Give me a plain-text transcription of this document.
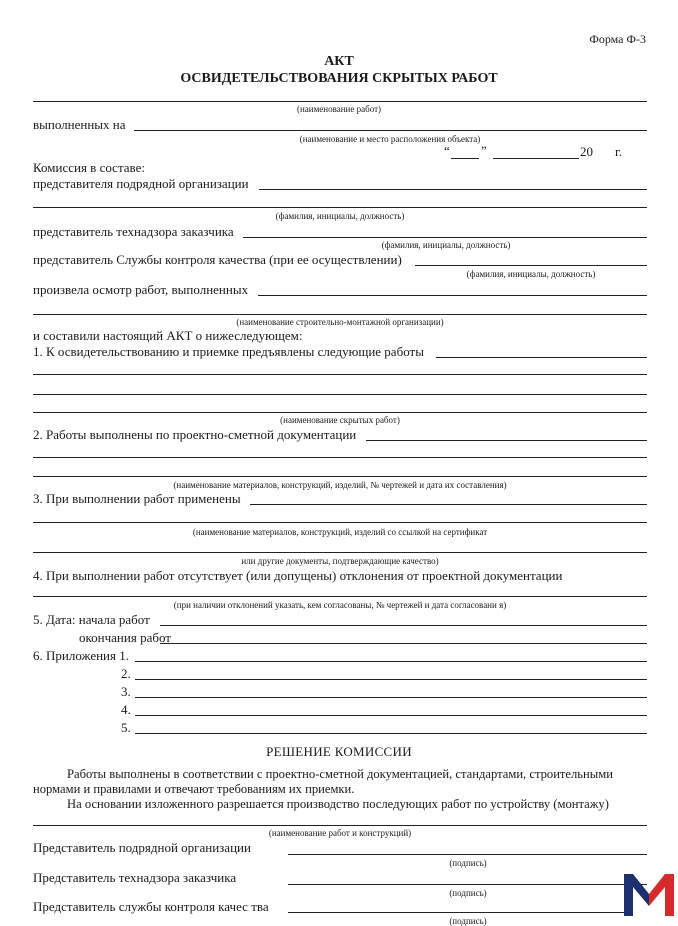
Форма Ф-3
АКТ
ОСВИДЕТЕЛЬСТВОВАНИЯ СКРЫТЫХ РАБОТ
(наименование работ)
выполненных на
(наименование и место расположения объекта)
“ ”	20 г.
Комиссия в составе:
представителя подрядной организации
(фамилия, инициалы, должность)
представитель технадзора заказчика
(фамилия, инициалы, должность)
представитель Службы контроля качества (при ее осуществлении)
(фамилия, инициалы, должность)
произвела осмотр работ, выполненных
(наименование строительно-монтажной организации)
и составили настоящий АКТ о нижеследующем:
1. К освидетельствованию и приемке предъявлены следующие работы
(наименование скрытых работ)
2. Работы выполнены по проектно-сметной документации
(наименование материалов, конструкций, изделий, № чертежей и дата их составления)
3. При выполнении работ применены
(наименование материалов, конструкций, изделий со ссылкой на сертификат
или другие документы, подтверждающие качество)
4. При выполнении работ отсутствует (или допущены) отклонения от проектной документации
(при наличии отклонений указать, кем согласованы, № чертежей и дата согласовани я)
5. Дата: начала работ
окончания работ
6. Приложения 1.
2.
3.
4.
5.
РЕШЕНИЕ КОМИССИИ
Работы выполнены в соответствии с проектно-сметной документацией, стандартами, строительными
нормами и правилами и отвечают требованиям их приемки.
На основании изложенного разрешается производство последующих работ по устройству (монтажу)
(наименование работ и конструкций)
Представитель подрядной организации
(подпись)
Представитель технадзора заказчика
(подпись)
Представитель службы контроля качес тва
(подпись)
